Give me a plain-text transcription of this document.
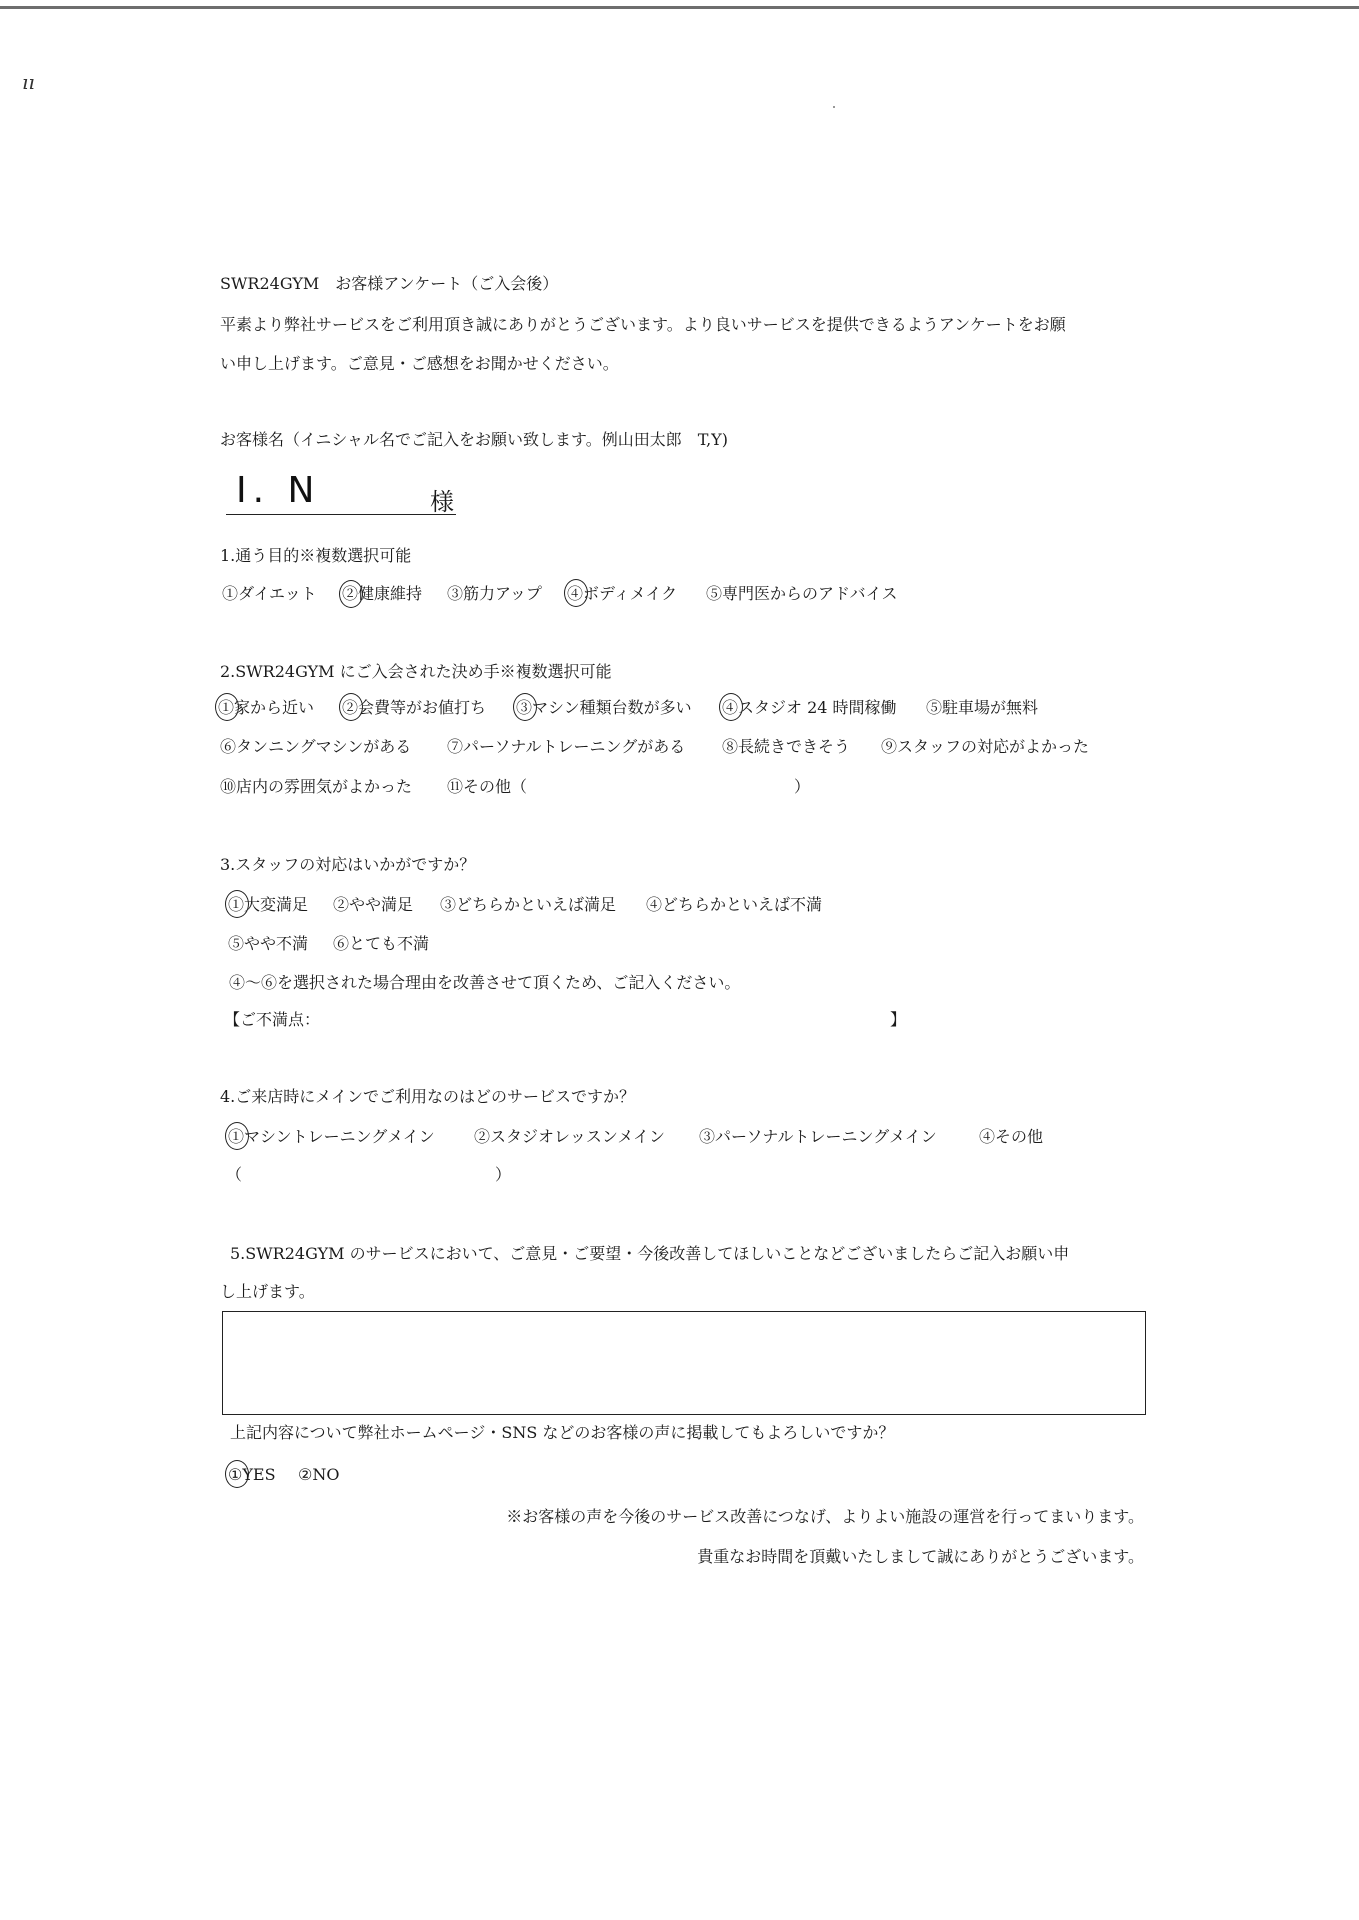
ıı
SWR24GYM　お客様アンケート（ご入会後）
平素より弊社サービスをご利用頂き誠にありがとうございます。より良いサービスを提供できるようアンケートをお願
い申し上げます。ご意見・ご感想をお聞かせください。
お客様名（イニシャル名でご記入をお願い致します。例山田太郎　T,Y)
I. N	様
1.通う目的※複数選択可能
①ダイエット ②健康維持 ③筋力アップ ④ボディメイク ⑤専門医からのアドバイス
2.SWR24GYM にご入会された決め手※複数選択可能
①家から近い ②会費等がお値打ち ③マシン種類台数が多い ④スタジオ 24 時間稼働 ⑤駐車場が無料
⑥タンニングマシンがある ⑦パーソナルトレーニングがある ⑧長続きできそう ⑨スタッフの対応がよかった
⑩店内の雰囲気がよかった ⑪その他（	）
3.スタッフの対応はいかがですか？
①大変満足 ②やや満足 ③どちらかといえば満足 ④どちらかといえば不満
⑤やや不満 ⑥とても不満
④～⑥を選択された場合理由を改善させて頂くため、ご記入ください。
【ご不満点：	】
4.ご来店時にメインでご利用なのはどのサービスですか？
①マシントレーニングメイン ②スタジオレッスンメイン ③パーソナルトレーニングメイン	④その他
（	）
5.SWR24GYM のサービスにおいて、ご意見・ご要望・今後改善してほしいことなどございましたらご記入お願い申
し上げます。
上記内容について弊社ホームページ・SNS などのお客様の声に掲載してもよろしいですか？
①YES ②NO
※お客様の声を今後のサービス改善につなげ、よりよい施設の運営を行ってまいります。
貴重なお時間を頂戴いたしまして誠にありがとうございます。
